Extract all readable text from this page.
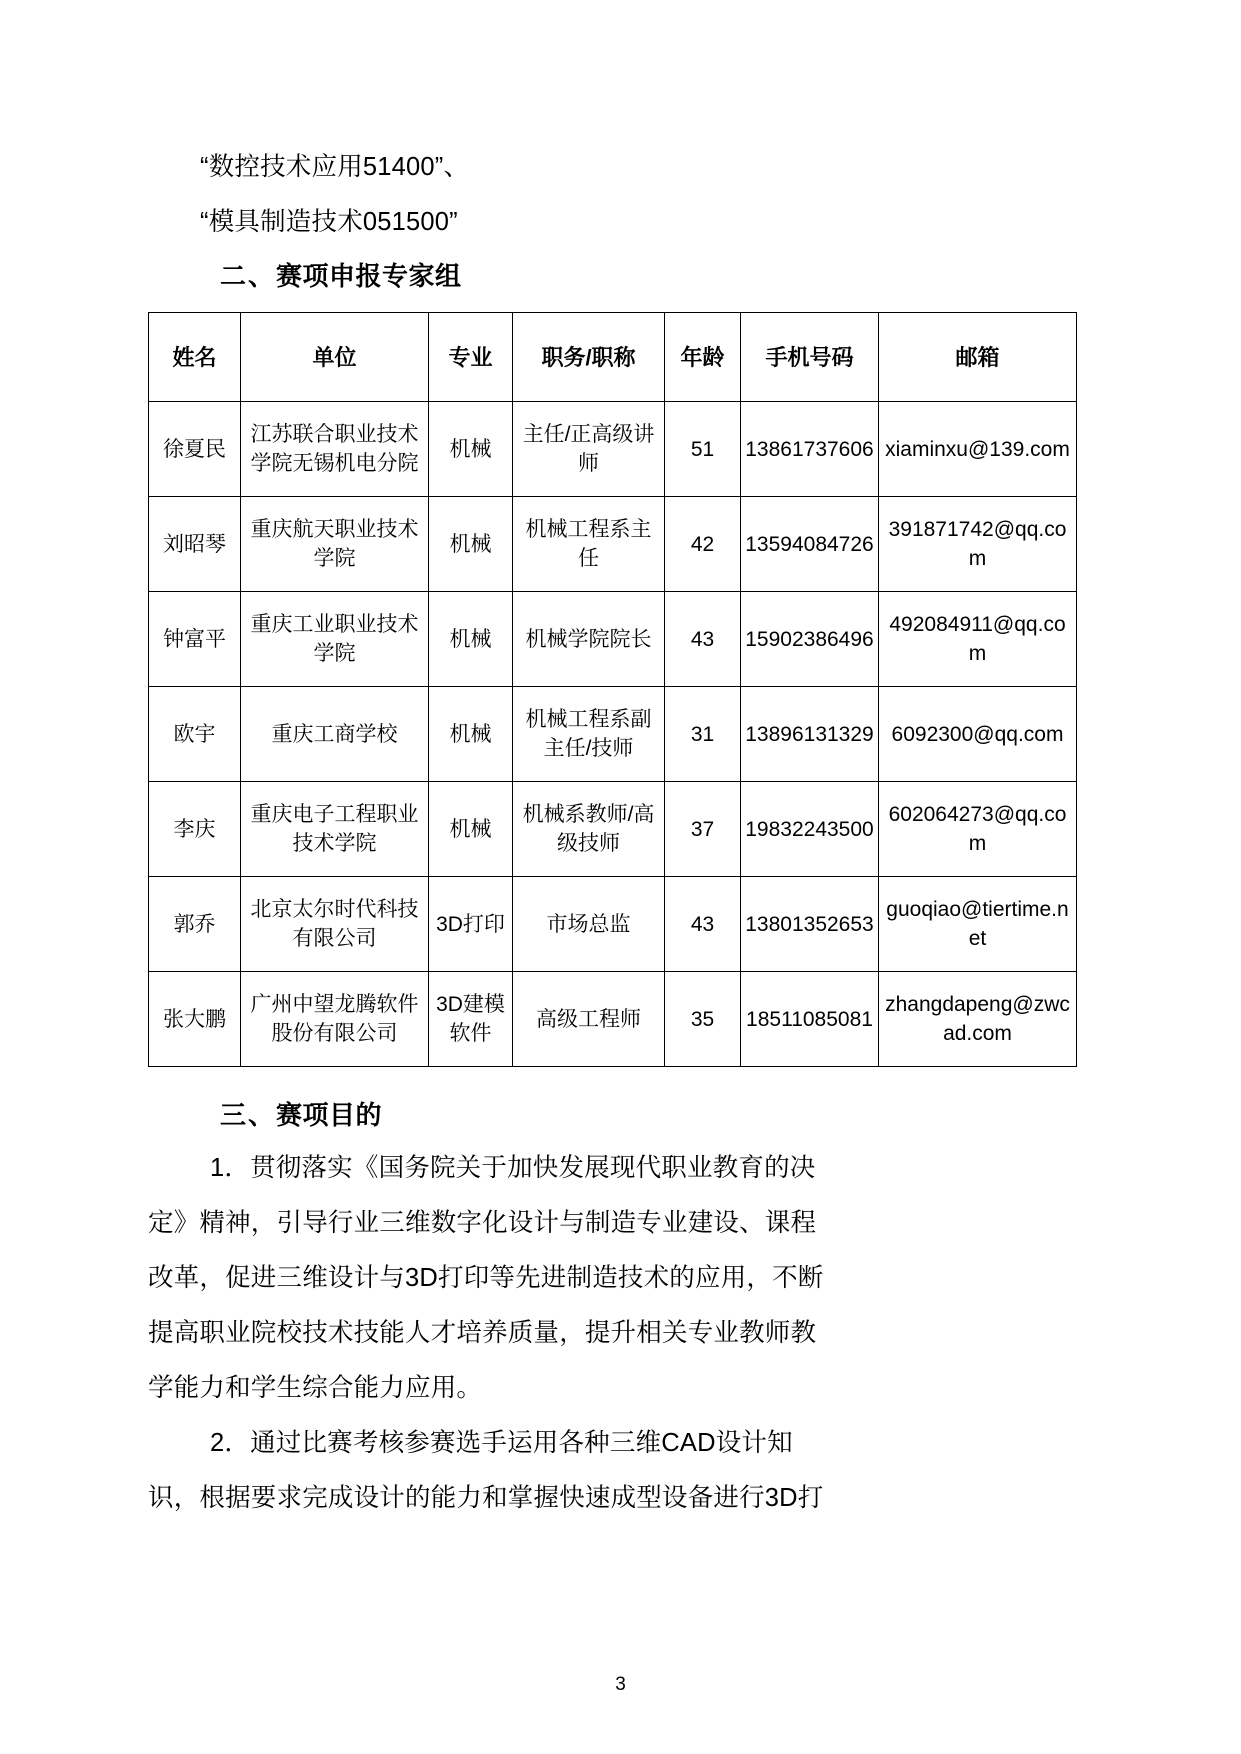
“数控技术应用51400”、

“模具制造技术051500”

二、赛项申报专家组
姓名	单位	专业	职务/职称	年龄	手机号码	邮箱
徐夏民	江苏联合职业技术学院无锡机电分院	机械	主任/正高级讲师	51	13861737606	xiaminxu@139.com
刘昭琴	重庆航天职业技术学院	机械	机械工程系主任	42	13594084726	391871742@qq.com
钟富平	重庆工业职业技术学院	机械	机械学院院长	43	15902386496	492084911@qq.com
欧宇	重庆工商学校	机械	机械工程系副主任/技师	31	13896131329	6092300@qq.com
李庆	重庆电子工程职业技术学院	机械	机械系教师/高级技师	37	19832243500	602064273@qq.com
郭乔	北京太尔时代科技有限公司	3D打印	市场总监	43	13801352653	guoqiao@tiertime.net
张大鹏	广州中望龙腾软件股份有限公司	3D建模软件	高级工程师	35	18511085081	zhangdapeng@zwcad.com
三、赛项目的

1．贯彻落实《国务院关于加快发展现代职业教育的决

定》精神，引导行业三维数字化设计与制造专业建设、课程

改革，促进三维设计与3D打印等先进制造技术的应用，不断

提高职业院校技术技能人才培养质量，提升相关专业教师教

学能力和学生综合能力应用。

2．通过比赛考核参赛选手运用各种三维CAD设计知

识，根据要求完成设计的能力和掌握快速成型设备进行3D打

3
